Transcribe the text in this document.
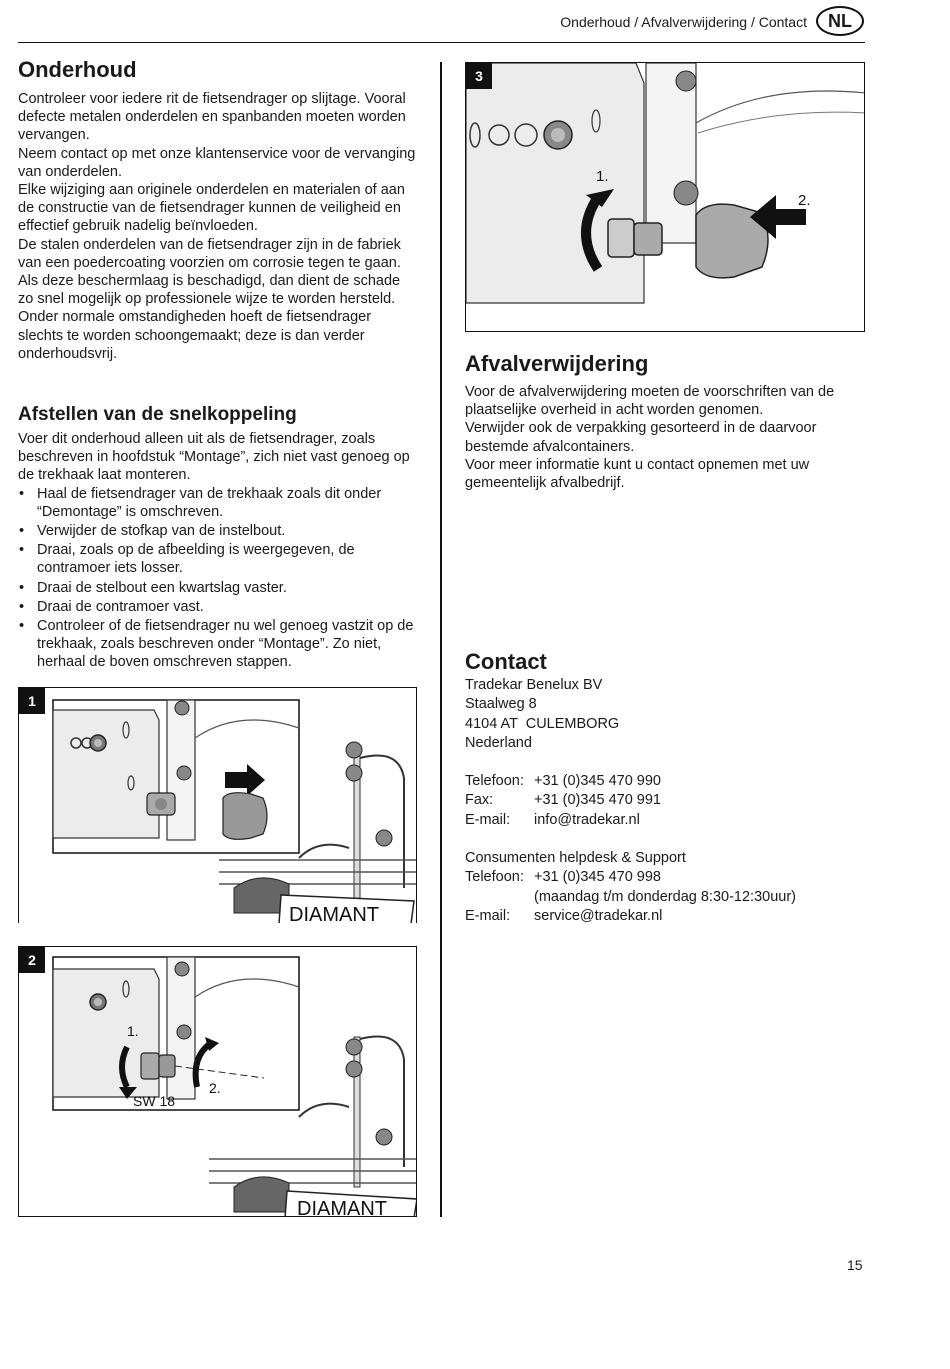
Onderhoud / Afvalverwijdering / Contact	NL
Onderhoud

Controleer voor iedere rit de fietsendrager op slijtage. Vooral defecte metalen onderdelen en spanbanden moeten worden vervangen.

Neem contact op met onze klantenservice voor de vervanging van onderdelen.

Elke wijziging aan originele onderdelen en materialen of aan de constructie van de fietsendrager kunnen de veiligheid en effectief gebruik nadelig beïnvloeden.

De stalen onderdelen van de fietsendrager zijn in de fabriek van een poedercoating voorzien om corrosie tegen te gaan. Als deze beschermlaag is beschadigd, dan dient de schade zo snel mogelijk op professionele wijze te worden hersteld.

Onder normale omstandigheden hoeft de fietsendrager slechts te worden schoongemaakt; deze is dan verder onderhoudsvrij.

Afstellen van de snelkoppeling

Voer dit onderhoud alleen uit als de fietsendrager, zoals beschreven in hoofdstuk “Montage”, zich niet vast genoeg op de trekhaak laat monteren.

• Haal de fietsendrager van de trekhaak zoals dit onder “Demontage” is omschreven.
• Verwijder de stofkap van de instelbout.
• Draai, zoals op de afbeelding is weergegeven, de contramoer iets losser.
• Draai de stelbout een kwartslag vaster.
• Draai de contramoer vast.
• Controleer of de fietsendrager nu wel genoeg vastzit op de trekhaak, zoals beschreven onder “Montage”. Zo niet, herhaal de boven omschreven stappen.
DIAMANT
1
1.
2.
SW 18
DIAMANT
2
1.
2.
3
Afvalverwijdering

Voor de afvalverwijdering moeten de voorschriften van de plaatselijke overheid in acht worden genomen.

Verwijder ook de verpakking gesorteerd in de daarvoor bestemde afvalcontainers.

Voor meer informatie kunt u contact opnemen met uw gemeentelijk afvalbedrijf.

Contact
Tradekar Benelux BV
Staalweg 8
4104 AT  CULEMBORG
Nederland
Telefoon: +31 (0)345 470 990
Fax:	+31 (0)345 470 991
E-mail:	info@tradekar.nl
Consumenten helpdesk & Support
Telefoon: +31 (0)345 470 998
(maandag t/m donderdag 8:30-12:30uur)
E-mail:	service@tradekar.nl
15
